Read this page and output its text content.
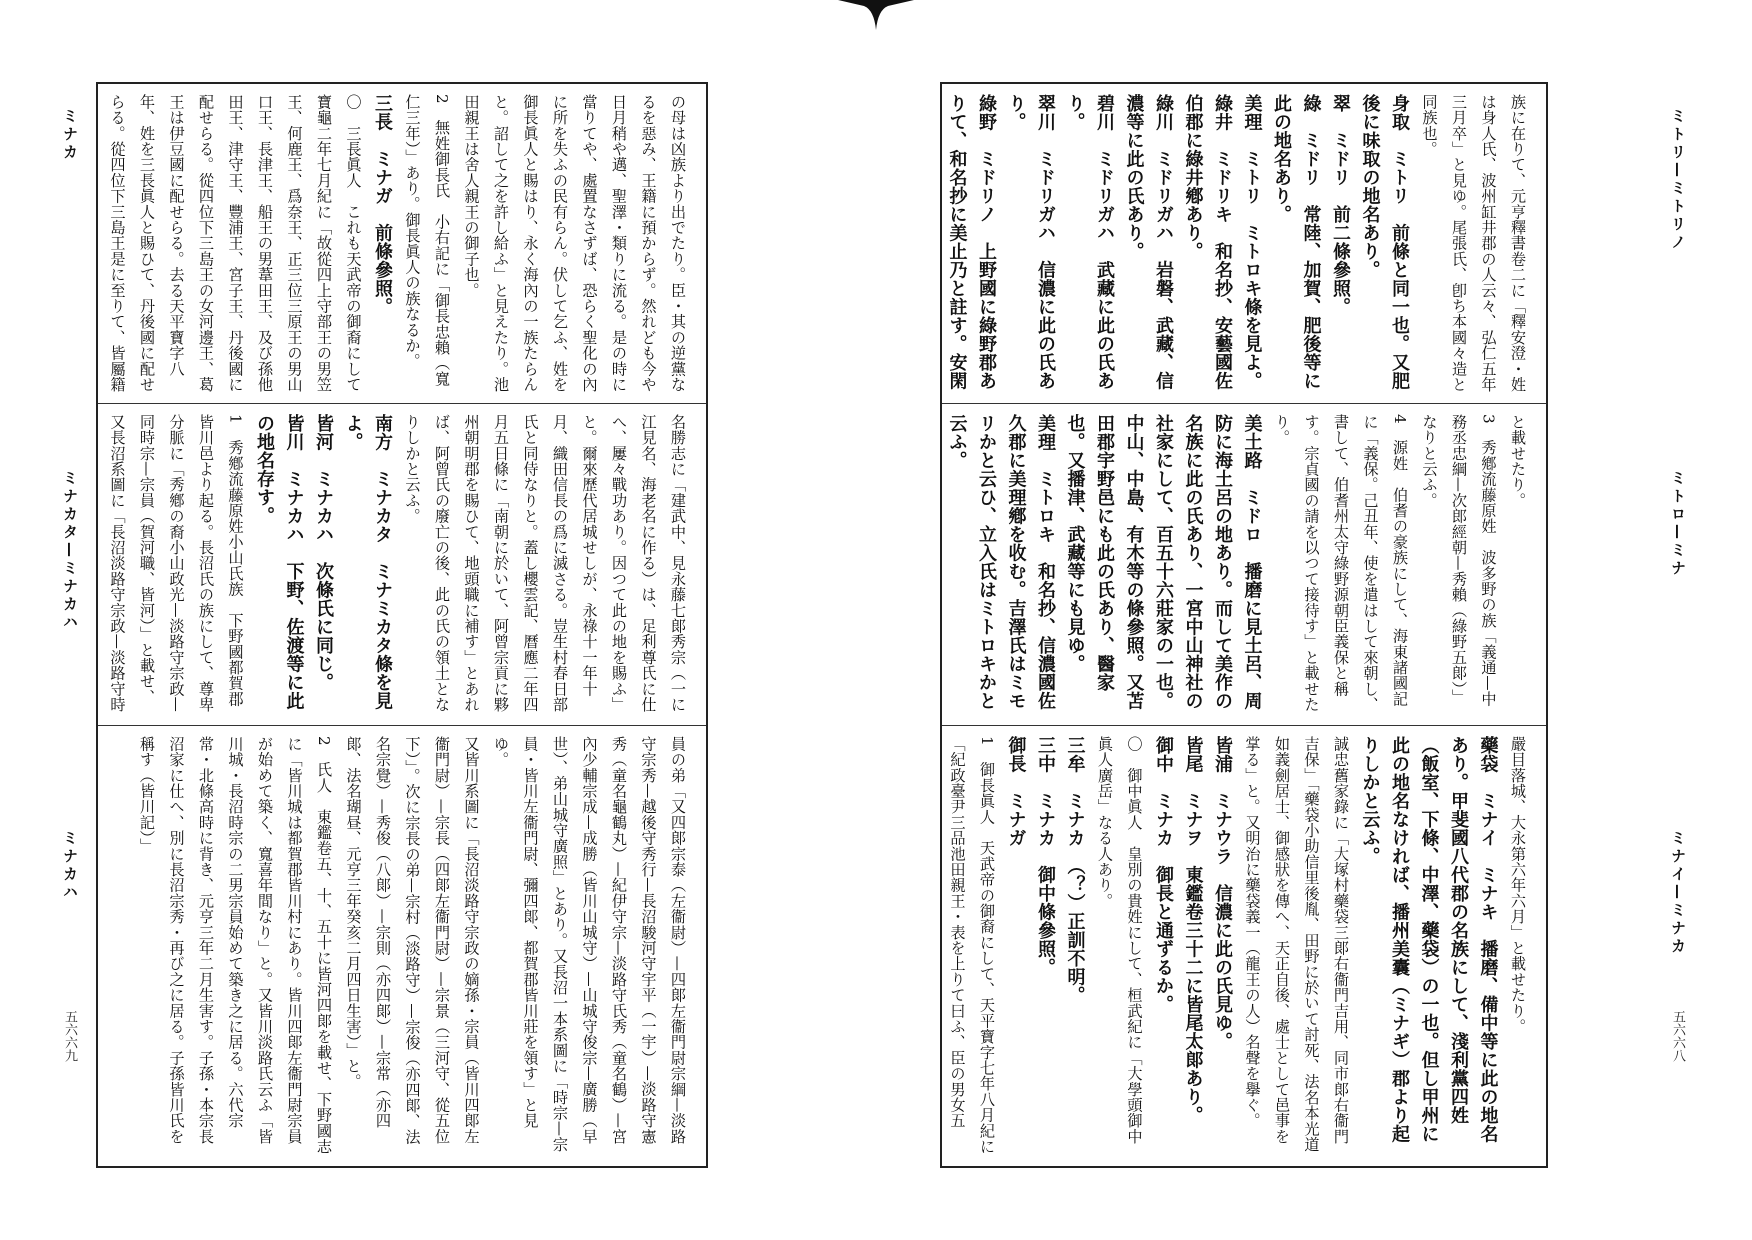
ミナカ
ミナカタ—ミナカハ
ミナカハ
五六六九

の母は凶族より出でたり。臣・其の逆黨なるを惡み、王籍に預からず。然れども今や日月稍や邁、聖澤・類りに流る。是の時に當りてや、處置なさずば、恐らく聖化の內に所を失ふの民有らん。伏して乞ふ、姓を御長眞人と賜はり、永く海內の一族たらんと。詔して之を許し給ふ」と見えたり。池田親王は舍人親王の御子也。

2　無姓御長氏　小右記に「御長忠賴（寬仁三年）」あり。御長眞人の族なるか。

三長　ミナガ　前條參照。

〇　三長眞人　これも天武帝の御裔にして寶龜二年七月紀に「故從四上守部王の男笠王、何鹿王、爲奈王、正三位三原王の男山口王、長津王、船王の男葦田王、及び孫他田王、津守王、豐浦王、宮子王、丹後國に配せらる。從四位下三島王の女河邊王、葛王は伊豆國に配せらる。去る天平寶字八年、姓を三長眞人と賜ひて、丹後國に配せらる。從四位下三島王是に至りて、皆屬籍

名勝志に「建武中、見永藤七郞秀宗（一に江見名、海老名に作る）は、足利尊氏に仕へ、屢々戰功あり。因つて此の地を賜ふ」と。爾來歷代居城せしが、永祿十一年十月、織田信長の爲に滅さる。豈生村春日部氏と同侍なりと。蓋し櫻雲記、曆應二年四月五日條に「南朝に於いて、阿曾宗貢に夥州朝明郡を賜ひて、地頭職に補す」とあれば、阿曾氏の廢亡の後、此の氏の領土となりしかと云ふ。

南方　ミナカタ　ミナミカタ條を見よ。

皆河　ミナカハ　次條氏に同じ。

皆川　ミナカハ　下野、佐渡等に此の地名存す。

1　秀鄕流藤原姓小山氏族　下野國都賀郡皆川邑より起る。長沼氏の族にして、尊卑分脈に「秀鄕の裔小山政光—淡路守宗政—同時宗—宗員（賀河職、皆河）」と載せ、又長沼系圖に「長沼淡路守宗政—淡路守時

員の弟「又四郞宗泰（左衞尉）—四郞左衞門尉宗綱—淡路守宗秀—越後守秀行—長沼駿河守宇平（一宇）—淡路守憲秀（童名龜鶴丸）—紀伊守宗—淡路守氏秀（童名鶴）—宮內少輔宗成—成勝（皆川山城守）—山城守俊宗—廣勝（早世）、弟山城守廣照」とあり。又長沼一本系圖に「時宗—宗員・皆川左衞門尉、彌四郞、都賀郡皆川莊を領す」と見ゆ。

又皆川系圖に「長沼淡路守宗政の嫡孫・宗員（皆川四郞左衞門尉）—宗長（四郞左衞門尉）—宗景（三河守、從五位下）」。次に宗長の弟—宗村（淡路守）—宗俊（亦四郞、法名宗覺）—秀俊（八郞）—宗則（亦四郞）—宗常（亦四郞、法名瑚昼、元亨三年癸亥二月四日生害）」と。

2　氏人　東鑑卷五、十、五十に皆河四郞を載せ、下野國志に「皆川城は都賀郡皆川村にあり。皆川四郞左衞門尉宗員が始めて築く、寬喜年間なり」と。又皆川淡路氏云ふ「皆川城・長沼時宗の二男宗員始めて築き之に居る。六代宗常・北條高時に背き、元亨三年二月生害す。子孫・本宗長沼家に仕へ、別に長沼宗秀・再び之に居る。子孫皆川氏を稱す（皆川記）」

族に在りて、元亨釋書卷二に「釋安澄・姓は身人氏、波州缸井郡の人云々、弘仁五年三月卒」と見ゆ。尾張氏、卽ち本國々造と同族也。

身取　ミトリ　前條と同一也。又肥後に味取の地名あり。

翠　ミドリ　前二條參照。

綠　ミドリ　常陸、加賀、肥後等に此の地名あり。

美理　ミトリ　ミトロキ條を見よ。

綠井　ミドリキ　和名抄、安藝國佐伯郡に綠井鄕あり。

綠川　ミドリガハ　岩磐、武藏、信濃等に此の氏あり。

碧川　ミドリガハ　武藏に此の氏あり。

翠川　ミドリガハ　信濃に此の氏あり。

綠野　ミドリノ　上野國に綠野郡ありて、和名抄に美止乃と註す。安閑

と載せたり。

3　秀鄕流藤原姓　波多野の族「義通—中務丞忠綱—次郎經朝—秀賴（綠野五郞）」なりと云ふ。

4　源姓　伯耆の豪族にして、海東諸國記に「義保。己丑年、使を遣はして來朝し、書して、伯耆州太守綠野源朝臣義保と稱す。宗貞國の請を以つて接待す」と載せたり。

美土路　ミドロ　播磨に見土呂、周防に海土呂の地あり。而して美作の名族に此の氏あり、一宮中山神社の社家にして、百五十六莊家の一也。中山、中島、有木等の條參照。又苫田郡宇野邑にも此の氏あり、醫家也。又播津、武藏等にも見ゆ。

美理　ミトロキ　和名抄、信濃國佐久郡に美理鄕を收む。吉澤氏はミモリかと云ひ、立入氏はミトロキかと云ふ。

嚴目落城、大永第六年六月」と載せたり。

藥袋　ミナイ　ミナキ　播磨、備中等に此の地名あり。甲斐國八代郡の名族にして、淺利黨四姓（飯室、下條、中澤、藥袋）の一也。但し甲州に此の地名なければ、播州美囊（ミナギ）郡より起りしかと云ふ。

誠忠舊家錄に「大塚村藥袋三郞右衞門吉用、同市郞右衞門吉保」「藥袋小助信里後胤、田野に於いて討死、法名本光道如義劍居士、御感狀を傳へ、天正自後、處士として邑事を掌る」と。又明治に藥袋義一（龍王の人）名聲を擧ぐ。

皆浦　ミナウラ　信濃に此の氏見ゆ。

皆尾　ミナヲ　東鑑卷三十二に皆尾太郞あり。

御中　ミナカ　御長と通ずるか。

〇　御中眞人　皇別の貴姓にして、桓武紀に「大學頭御中眞人廣岳」なる人あり。

三牟　ミナカ　（？）正訓不明。

三中　ミナカ　御中條參照。

御長　ミナガ

1　御長眞人　天武帝の御裔にして、天平寶字七年八月紀に「紀政臺尹三品池田親王・表を上りて曰ふ、臣の男女五

ミトリ—ミトリノ
ミトロ—ミナ
ミナイ—ミナカ
五六六八
